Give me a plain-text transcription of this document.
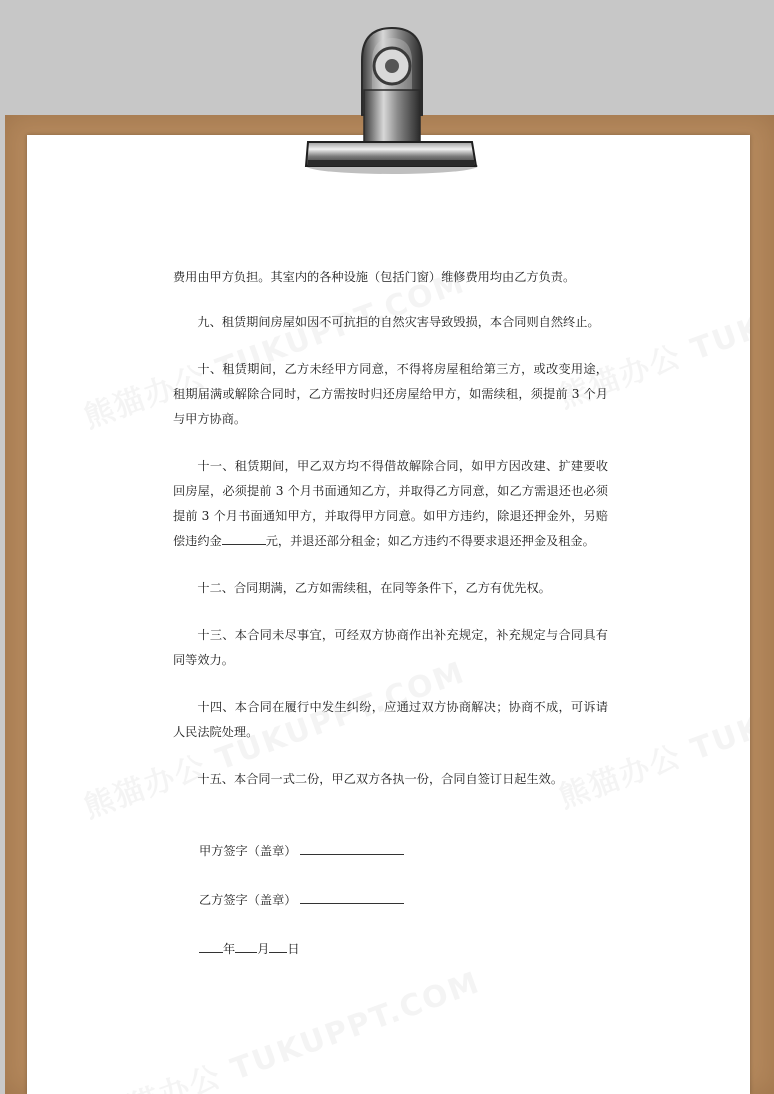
费用由甲方负担。其室内的各种设施（包括门窗）维修费用均由乙方负责。

九、租赁期间房屋如因不可抗拒的自然灾害导致毁损，本合同则自然终止。

十、租赁期间，乙方未经甲方同意，不得将房屋租给第三方，或改变用途，租期届满或解除合同时，乙方需按时归还房屋给甲方，如需续租，须提前 3 个月与甲方协商。

十一、租赁期间，甲乙双方均不得借故解除合同，如甲方因改建、扩建要收回房屋，必须提前 3 个月书面通知乙方，并取得乙方同意，如乙方需退还也必须提前 3 个月书面通知甲方，并取得甲方同意。如甲方违约，除退还押金外，另赔偿违约金	元，并退还部分租金；如乙方违约不得要求退还押金及租金。

十二、合同期满，乙方如需续租，在同等条件下，乙方有优先权。

十三、本合同未尽事宜，可经双方协商作出补充规定，补充规定与合同具有同等效力。

十四、本合同在履行中发生纠纷，应通过双方协商解决；协商不成，可诉请人民法院处理。

十五、本合同一式二份，甲乙双方各执一份，合同自签订日起生效。

甲方签字（盖章）

乙方签字（盖章）

年 月 日
